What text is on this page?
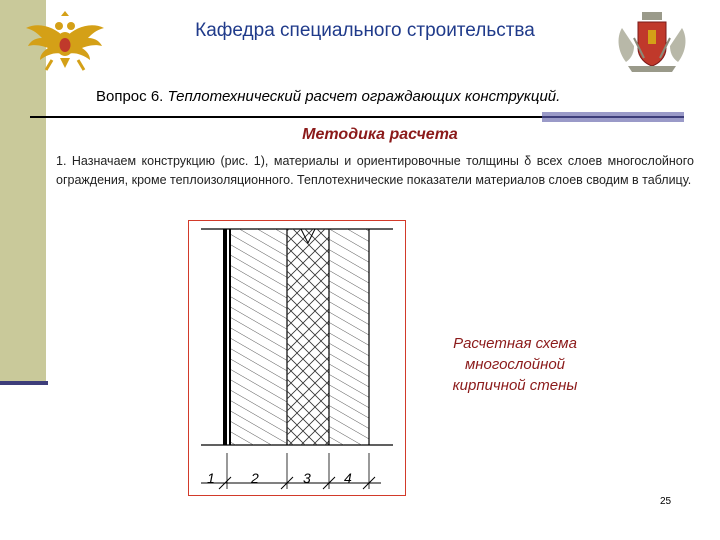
Кафедра специального строительства
Вопрос 6. Теплотехнический расчет ограждающих конструкций.
Методика расчета

1. Назначаем конструкцию (рис. 1), материалы и ориентировочные толщины δ всех слоев многослойного ограждения, кроме теплоизоляционного. Теплотехнические показатели материалов слоев сводим в таблицу.

1	2	3 4
Расчетная схема
многослойной
кирпичной стены
25
